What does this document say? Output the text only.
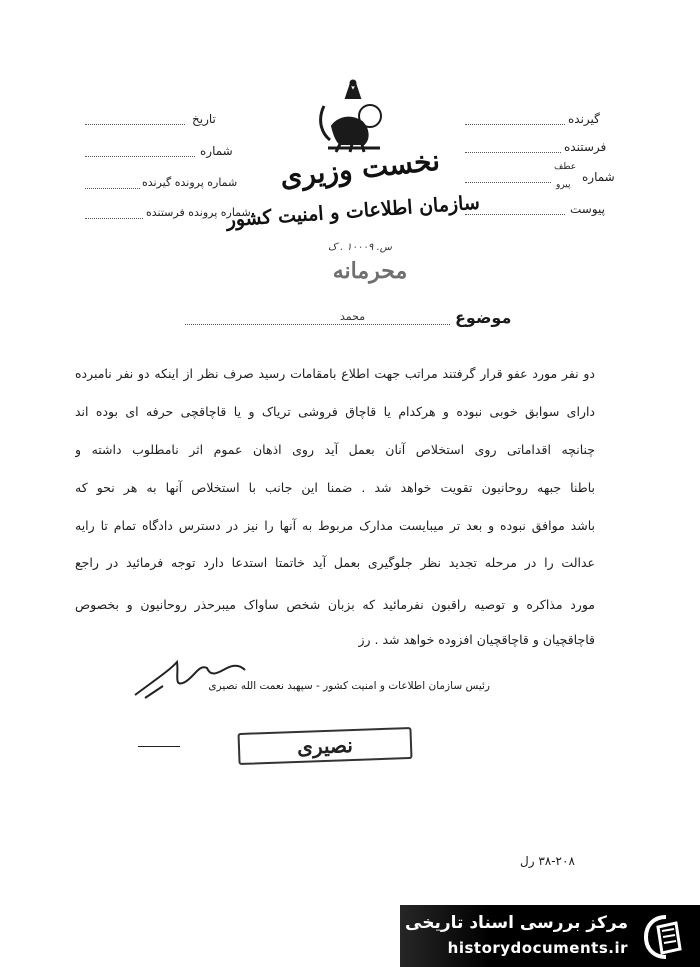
نخست وزیری
سازمان اطلاعات و امنیت کشور
س. ۱۰۰۰۹ . ک
محرمانه
تاریخ
شماره
شماره پرونده گیرنده
شماره پرونده فرستنده
گیرنده
فرستنده
شماره
عطف
پیرو
پیوست
موضوع
محمد
دو نفر مورد عفو قرار گرفتند مراتب جهت اطلاع بامقامات رسید صرف نظر از اینکه دو نفر نامبرده
دارای سوابق خوبی نبوده و هرکدام یا قاچاق فروشی تریاک و یا قاچاقچی حرفه ای بوده اند
چنانچه اقداماتی روی استخلاص آنان بعمل آید روی اذهان عموم اثر نامطلوب داشته و
باطنا جبهه روحانیون تقویت خواهد شد . ضمنا این جانب با استخلاص آنها به هر نحو که
باشد موافق نبوده و بعد تر میبایست مدارک مربوط به آنها را نیز در دسترس دادگاه تمام تا رایه
عدالت را در مرحله تجدید نظر جلوگیری بعمل آید خاتمتا استدعا دارد توجه فرمائید در راجع
مورد مذاکره و توصیه راقبون نفرمائید که بزبان شخص ساواک میبرحذر روحانیون و بخصوص
قاچاقچیان و قاچاقچیان افزوده خواهد شد . رز
رئیس سازمان اطلاعات و امنیت کشور - سپهبد نعمت الله نصیری
نصیری
۳۸-۲۰۸ رل
مرکز بررسی اسناد تاریخی
historydocuments.ir
